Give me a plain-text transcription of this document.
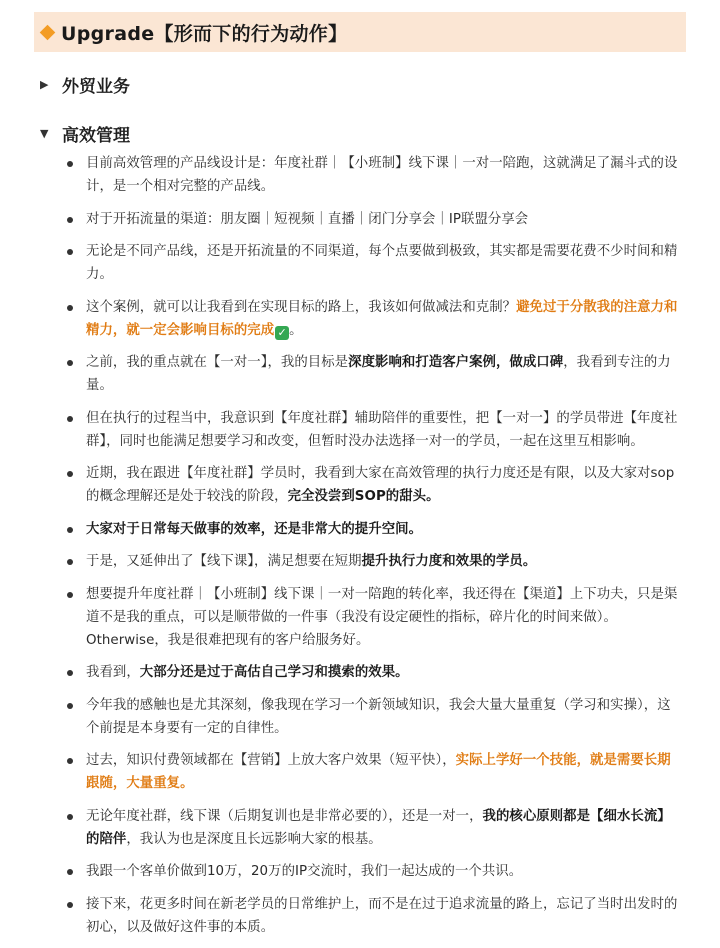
Upgrade【形而下的行为动作】
▶ 外贸业务
▼ 高效管理
目前高效管理的产品线设计是：年度社群｜【小班制】线下课｜一对一陪跑，这就满足了漏斗式的设计，是一个相对完整的产品线。
对于开拓流量的渠道：朋友圈｜短视频｜直播｜闭门分享会｜IP联盟分享会
无论是不同产品线，还是开拓流量的不同渠道，每个点要做到极致，其实都是需要花费不少时间和精力。
这个案例，就可以让我看到在实现目标的路上，我该如何做减法和克制？避免过于分散我的注意力和精力，就一定会影响目标的完成 ✓ 。
之前，我的重点就在【一对一】，我的目标是深度影响和打造客户案例，做成口碑，我看到专注的力量。
但在执行的过程当中，我意识到【年度社群】辅助陪伴的重要性，把【一对一】的学员带进【年度社群】，同时也能满足想要学习和改变，但暂时没办法选择一对一的学员，一起在这里互相影响。
近期，我在跟进【年度社群】学员时，我看到大家在高效管理的执行力度还是有限，以及大家对sop的概念理解还是处于较浅的阶段，完全没尝到SOP的甜头。
大家对于日常每天做事的效率，还是非常大的提升空间。
于是，又延伸出了【线下课】，满足想要在短期提升执行力度和效果的学员。
想要提升年度社群｜【小班制】线下课｜一对一陪跑的转化率，我还得在【渠道】上下功夫，只是渠道不是我的重点，可以是顺带做的一件事（我没有设定硬性的指标，碎片化的时间来做）。Otherwise，我是很难把现有的客户给服务好。
我看到，大部分还是过于高估自己学习和摸索的效果。
今年我的感触也是尤其深刻，像我现在学习一个新领域知识，我会大量大量重复（学习和实操），这个前提是本身要有一定的自律性。
过去，知识付费领域都在【营销】上放大客户效果（短平快），实际上学好一个技能，就是需要长期跟随，大量重复。
无论年度社群，线下课（后期复训也是非常必要的），还是一对一，我的核心原则都是【细水长流】的陪伴，我认为也是深度且长远影响大家的根基。
我跟一个客单价做到10万，20万的IP交流时，我们一起达成的一个共识。
接下来，花更多时间在新老学员的日常维护上，而不是在过于追求流量的路上，忘记了当时出发时的初心，以及做好这件事的本质。
